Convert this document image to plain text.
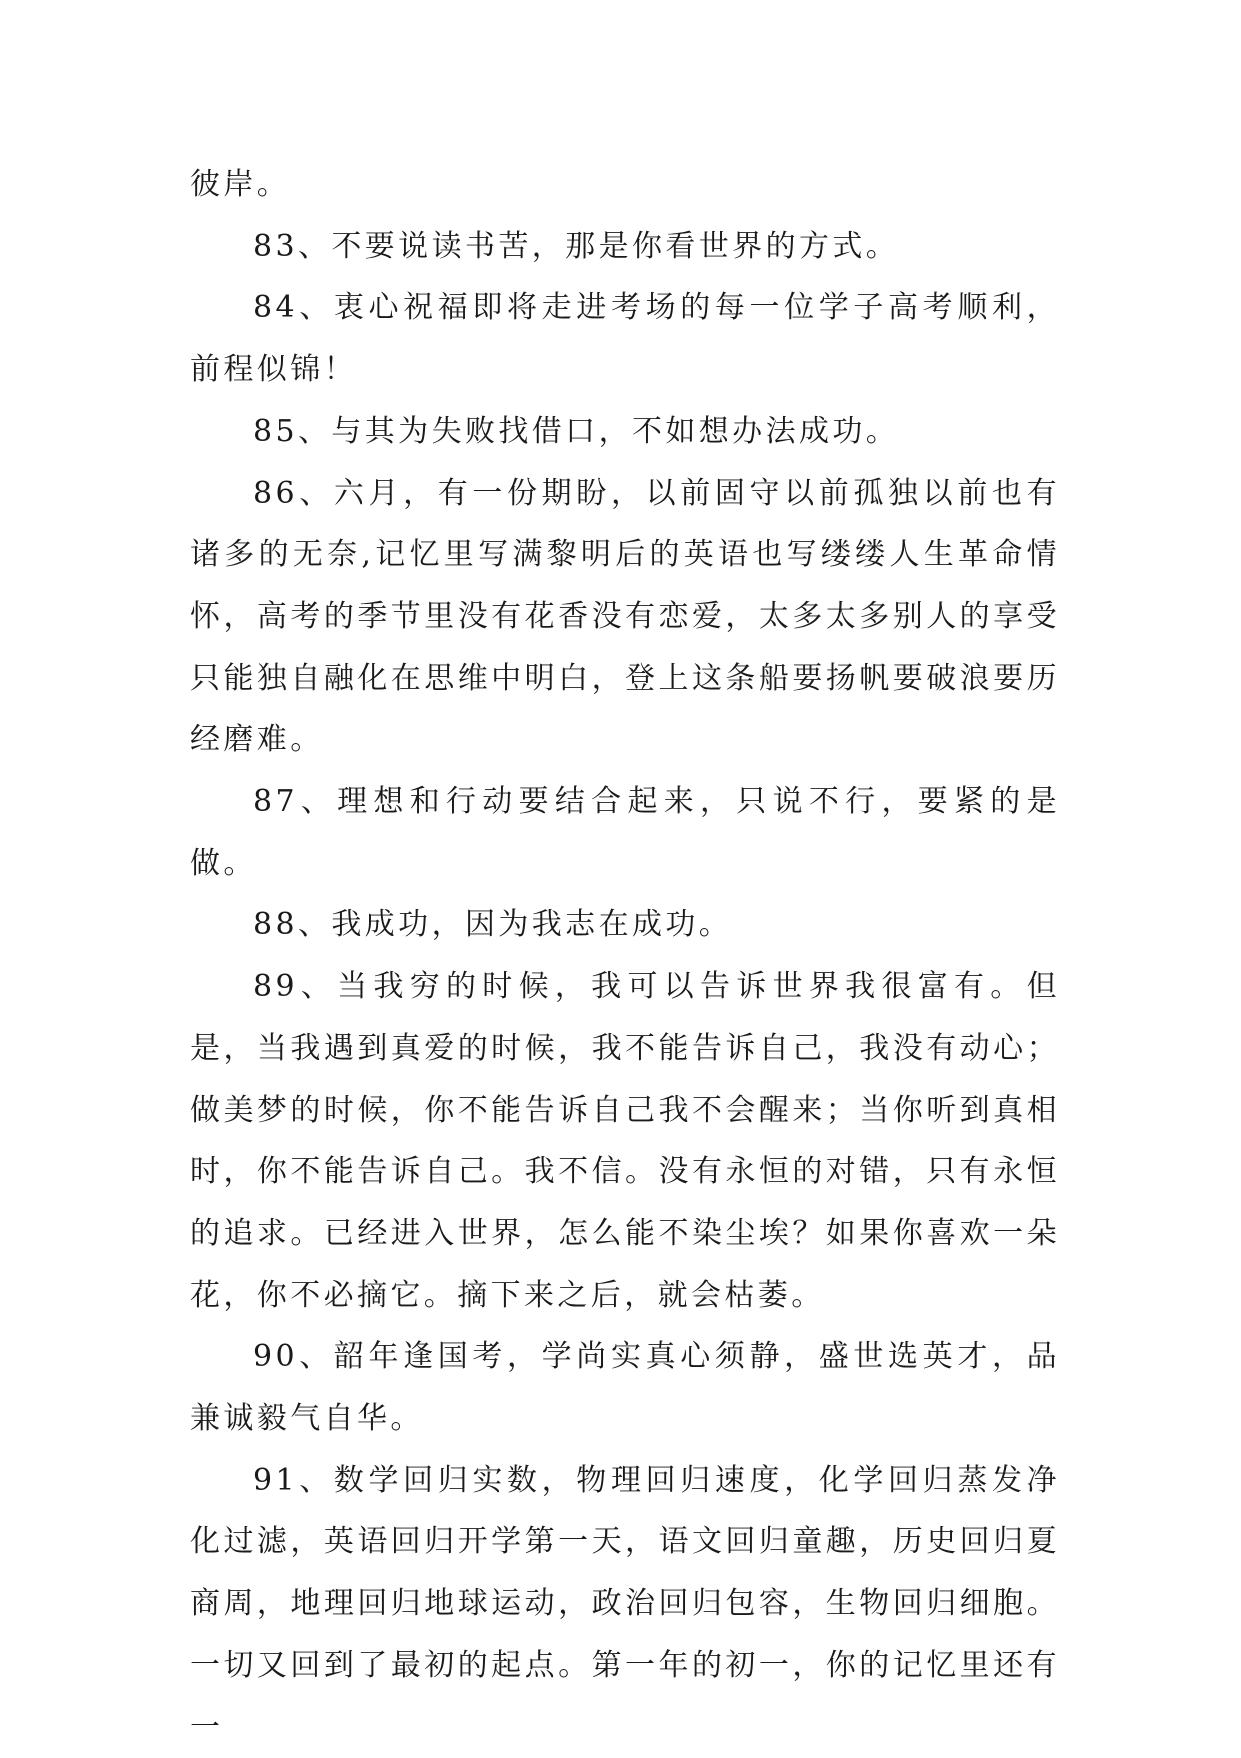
彼岸。

83、不要说读书苦，那是你看世界的方式。

84、衷心祝福即将走进考场的每一位学子高考顺利，前程似锦！

85、与其为失败找借口，不如想办法成功。

86、六月，有一份期盼，以前固守以前孤独以前也有诸多的无奈,记忆里写满黎明后的英语也写缕缕人生革命情怀，高考的季节里没有花香没有恋爱，太多太多别人的享受只能独自融化在思维中明白，登上这条船要扬帆要破浪要历经磨难。

87、理想和行动要结合起来，只说不行，要紧的是做。

88、我成功，因为我志在成功。

89、当我穷的时候，我可以告诉世界我很富有。但是，当我遇到真爱的时候，我不能告诉自己，我没有动心；做美梦的时候，你不能告诉自己我不会醒来；当你听到真相时，你不能告诉自己。我不信。没有永恒的对错，只有永恒的追求。已经进入世界，怎么能不染尘埃？如果你喜欢一朵花，你不必摘它。摘下来之后，就会枯萎。

90、韶年逢国考，学尚实真心须静，盛世选英才，品兼诚毅气自华。

91、数学回归实数，物理回归速度，化学回归蒸发净化过滤，英语回归开学第一天，语文回归童趣，历史回归夏商周，地理回归地球运动，政治回归包容，生物回归细胞。一切又回到了最初的起点。第一年的初一，你的记忆里还有一
